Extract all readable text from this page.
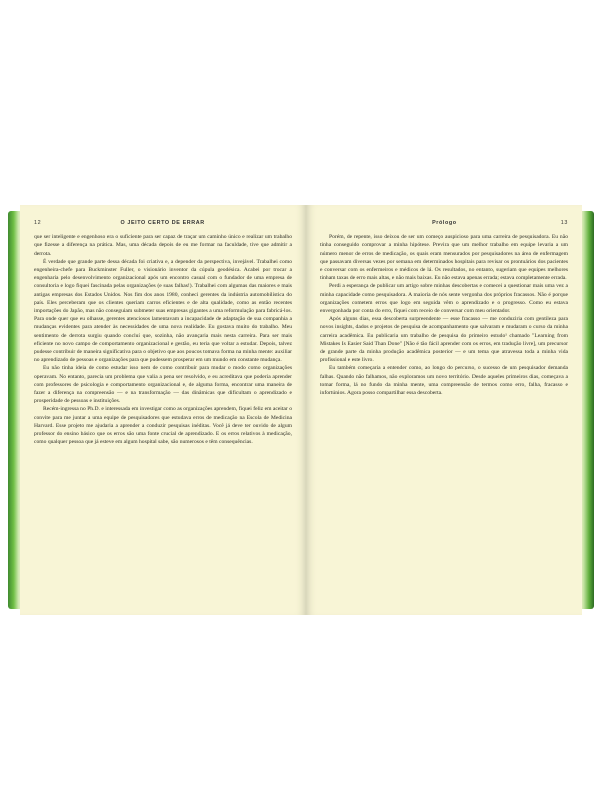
12	O JEITO CERTO DE ERRAR

que ser inteligente e engenhoso era o suficiente para ser capaz de traçar um caminho único e realizar um trabalho que fizesse a diferença na prática. Mas, uma década depois de eu me formar na faculdade, tive que admitir a derrota.

É verdade que grande parte dessa década foi criativa e, a depender da perspectiva, invejável. Trabalhei como engenheira-chefe para Buckminster Fuller, o visionário inventor da cúpula geodésica. Acabei por trocar a engenharia pelo desenvolvimento organizacional após um encontro casual com o fundador de uma empresa de consultoria e logo fiquei fascinada pelas organizações (e suas falhas!). Trabalhei com algumas das maiores e mais antigas empresas dos Estados Unidos. Nos fim dos anos 1980, conheci gerentes da indústria automobilística do país. Eles perceberam que os clientes queriam carros eficientes e de alta qualidade, como as então recentes importações do Japão, mas não conseguiam submeter suas empresas gigantes a uma reformulação para fabricá-los. Para onde quer que eu olhasse, gerentes atenciosos lamentavam a incapacidade de adaptação de sua companhia a mudanças evidentes para atender às necessidades de uma nova realidade. Eu gostava muito do trabalho. Meu sentimento de derrota surgiu quando concluí que, sozinha, não avançaria mais nesta carreira. Para ser mais eficiente no novo campo de comportamento organizacional e gestão, eu teria que voltar a estudar. Depois, talvez pudesse contribuir de maneira significativa para o objetivo que aos poucos tomava forma na minha mente: auxiliar no aprendizado de pessoas e organizações para que pudessem prosperar em um mundo em constante mudança.

Eu não tinha ideia de como estudar isso nem de como contribuir para mudar o modo como organizações operavam. No entanto, parecia um problema que valia a pena ser resolvido, e eu acreditava que poderia aprender com professores de psicologia e comportamento organizacional e, de alguma forma, encontrar uma maneira de fazer a diferença na compreensão — e na transformação — das dinâmicas que dificultam o aprendizado e prosperidade de pessoas e instituições.

Recém-ingressa no Ph.D. e interessada em investigar como as organizações aprendem, fiquei feliz em aceitar o convite para me juntar a uma equipe de pesquisadores que estudava erros de medicação na Escola de Medicina Harvard. Esse projeto me ajudaria a aprender a conduzir pesquisas inéditas. Você já deve ter ouvido de algum professor do ensino básico que os erros são uma fonte crucial de aprendizado. E os erros relativos à medicação, como qualquer pessoa que já esteve em algum hospital sabe, são numerosos e têm consequências.

Prólogo	13

Porém, de repente, isso deixou de ser um começo auspicioso para uma carreira de pesquisadora. Eu não tinha conseguido comprovar a minha hipótese. Previra que um melhor trabalho em equipe levaria a um número menor de erros de medicação, os quais eram mensurados por pesquisadores na área de enfermagem que passavam diversas vezes por semana em determinados hospitais para revisar os prontuários dos pacientes e conversar com os enfermeiros e médicos de lá. Os resultados, no entanto, sugeriam que equipes melhores tinham taxas de erro mais altas, e não mais baixas. Eu não estava apenas errada; estava completamente errada.

Perdi a esperança de publicar um artigo sobre minhas descobertas e comecei a questionar mais uma vez a minha capacidade como pesquisadora. A maioria de nós sente vergonha dos próprios fracassos. Não é porque organizações cometem erros que logo em seguida vêm o aprendizado e o progresso. Como eu estava envergonhada por conta do erro, fiquei com receio de conversar com meu orientador.

Após alguns dias, essa descoberta surpreendente — esse fracasso — me conduziria com gentileza para novos insights, dados e projetos de pesquisa de acompanhamento que salvaram e mudaram o curso da minha carreira acadêmica. Eu publicaria um trabalho de pesquisa do primeiro estudo¹ chamado "Learning from Mistakes Is Easier Said Than Done" [Não é tão fácil aprender com os erros, em tradução livre], um precursor de grande parte da minha produção acadêmica posterior — e um tema que atravessa toda a minha vida profissional e este livro.

Eu também começaria a entender como, ao longo do percurso, o sucesso de um pesquisador demanda falhas. Quando não falhamos, não exploramos um novo território. Desde aqueles primeiros dias, começava a tomar forma, lá no fundo da minha mente, uma compreensão de termos como erro, falha, fracasso e infortúnios. Agora posso compartilhar essa descoberta.
